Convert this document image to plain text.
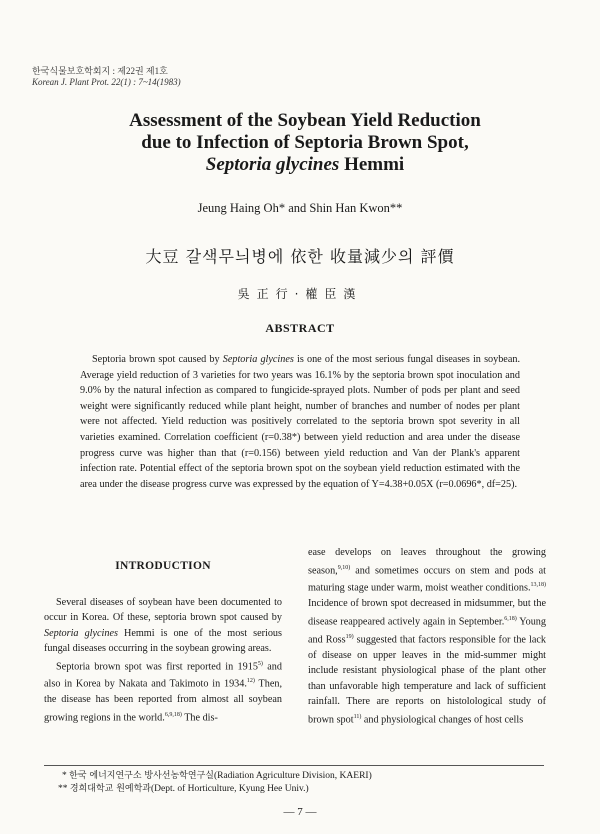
한국식물보호학회지 : 제22권 제1호
Korean J. Plant Prot. 22(1) : 7~14(1983)
Assessment of the Soybean Yield Reduction
due to Infection of Septoria Brown Spot,
Septoria glycines Hemmi
Jeung Haing Oh* and Shin Han Kwon**
大豆 갈색무늬병에 依한 收量減少의 評價
吳正行·權臣漢
ABSTRACT

Septoria brown spot caused by Septoria glycines is one of the most serious fungal diseases in soybean. Average yield reduction of 3 varieties for two years was 16.1% by the septoria brown spot inoculation and 9.0% by the natural infection as compared to fungicide-sprayed plots. Number of pods per plant and seed weight were significantly reduced while plant height, number of branches and number of nodes per plant were not affected. Yield reduction was positively correlated to the septoria brown spot severity in all varieties examined. Correlation coefficient (r=0.38*) between yield reduction and area under the disease progress curve was higher than that (r=0.156) between yield reduction and Van der Plank's apparent infection rate. Potential effect of the septoria brown spot on the soybean yield reduction estimated with the area under the disease progress curve was expressed by the equation of Y=4.38+0.05X (r=0.0696*, df=25).

INTRODUCTION

Several diseases of soybean have been documented to occur in Korea. Of these, septoria brown spot caused by Septoria glycines Hemmi is one of the most serious fungal diseases occurring in the soybean growing areas.

Septoria brown spot was first reported in 1915$^{5)}$ and also in Korea by Nakata and Takimoto in 1934.$^{12)}$ Then, the disease has been reported from almost all soybean growing regions in the world.$^{6,9,18)}$ The dis-

ease develops on leaves throughout the growing season,$^{9,10)}$ and sometimes occurs on stem and pods at maturing stage under warm, moist weather conditions.$^{13,18)}$ Incidence of brown spot decreased in midsummer, but the disease reappeared actively again in September.$^{6,18)}$ Young and Ross$^{19)}$ suggested that factors responsible for the lack of disease on upper leaves in the mid-summer might include resistant physiological phase of the plant other than unfavorable high temperature and lack of sufficient rainfall. There are reports on histolological study of brown spot$^{11)}$ and physiological changes of host cells

* 한국 에너지연구소 방사선농학연구실(Radiation Agriculture Division, KAERI)
** 경희대학교 원예학과(Dept. of Horticulture, Kyung Hee Univ.)
— 7 —
